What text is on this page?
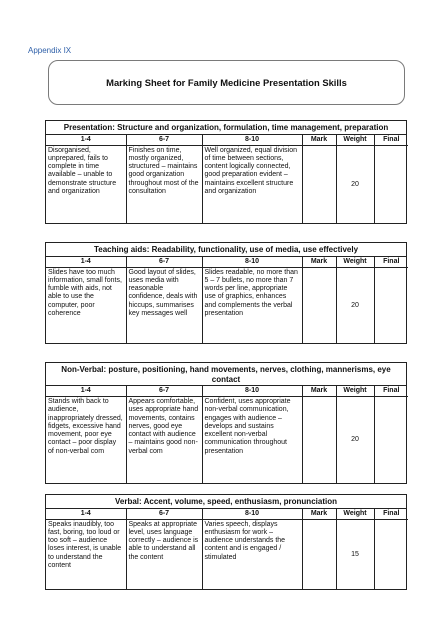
Appendix IX
Marking Sheet for Family Medicine Presentation Skills
Presentation: Structure and organization, formulation, time management, preparation
1-4	6-7	8-10	Mark	Weight	Final
Disorganised, unprepared, fails to complete in time available – unable to demonstrate structure and organization	Finishes on time, mostly organized, structured – maintains good organization throughout most of the consultation	Well organized, equal division of time between sections, content logically connected, good preparation evident – maintains excellent structure and organization		20	
Teaching aids: Readability, functionality, use of media, use effectively
1-4	6-7	8-10	Mark	Weight	Final
Slides have too much information, small fonts, fumble with aids, not able to use the computer, poor coherence	Good layout of slides, uses media with reasonable confidence, deals with hiccups, summarises key messages well	Slides readable, no more than 5 – 7 bullets, no more than 7 words per line, appropriate use of graphics, enhances and complements the verbal presentation		20	
Non-Verbal: posture, positioning, hand movements, nerves, clothing, mannerisms, eye contact
1-4	6-7	8-10	Mark	Weight	Final
Stands with back to audience, inappropriately dressed, fidgets, excessive hand movement, poor eye contact – poor display of non-verbal com	Appears comfortable, uses appropriate hand movements, contains nerves, good eye contact with audience – maintains good non-verbal com	Confident, uses appropriate non-verbal communication, engages with audience – develops and sustains excellent non-verbal communication throughout presentation		20	
Verbal: Accent, volume, speed, enthusiasm, pronunciation
1-4	6-7	8-10	Mark	Weight	Final
Speaks inaudibly, too fast, boring, too loud or too soft – audience loses interest, is unable to understand the content	Speaks at appropriate level, uses language correctly – audience is able to understand all the content	Varies speech, displays enthusiasm for work – audience understands the content and is engaged / stimulated		15	
